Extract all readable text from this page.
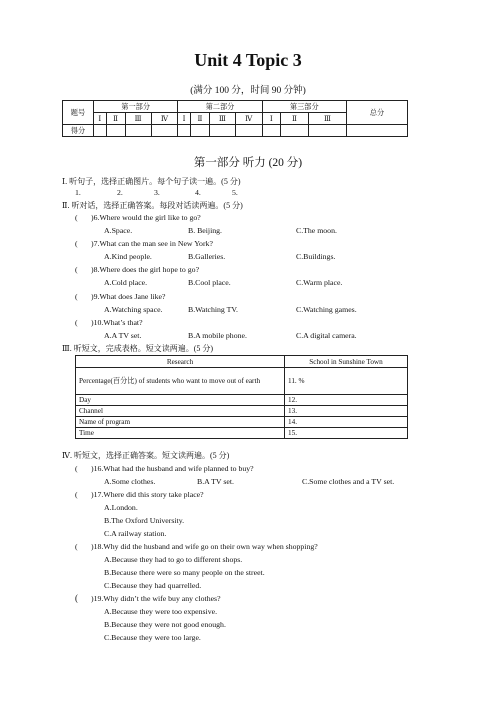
Unit 4 Topic 3
(满分 100 分，时间 90 分钟)
题号	第一部分				第二部分				第三部分			总分
	Ⅰ	Ⅱ	Ⅲ	Ⅳ	Ⅰ	Ⅱ	Ⅲ	Ⅳ	Ⅰ	Ⅱ	Ⅲ	
得分												
第一部分 听力 (20 分)
Ⅰ. 听句子，选择正确图片。每个句子读一遍。(5 分)
1.	2.	3.	4.	5.
Ⅱ. 听对话，选择正确答案。每段对话读两遍。(5 分)
( )6.Where would the girl like to go?
A.Space.	B. Beijing.	C.The moon.
( )7.What can the man see in New York?
A.Kind people.	B.Galleries.	C.Buildings.
( )8.Where does the girl hope to go?
A.Cold place.	B.Cool place.	C.Warm place.
( )9.What does Jane like?
A.Watching space.	B.Watching TV.	C.Watching games.
( )10.What’s that?
A.A TV set.	B.A mobile phone.	C.A digital camera.
Ⅲ. 听短文，完成表格。短文读两遍。(5 分)
Research	School in Sunshine Town
Percentage(百分比) of students who want to move out of earth	11. %
Day	12.
Channel	13.
Name of program	14.
Time	15.
Ⅳ. 听短文，选择正确答案。短文读两遍。(5 分)
( )16.What had the husband and wife planned to buy?
A.Some clothes.	B.A TV set.	C.Some clothes and a TV set.
( )17.Where did this story take place?
A.London.
B.The Oxford University.
C.A railway station.
( )18.Why did the husband and wife go on their own way when shopping?
A.Because they had to go to different shops.
B.Because there were so many people on the street.
C.Because they had quarrelled.
( )19.Why didn’t the wife buy any clothes?
A.Because they were too expensive.
B.Because they were not good enough.
C.Because they were too large.
